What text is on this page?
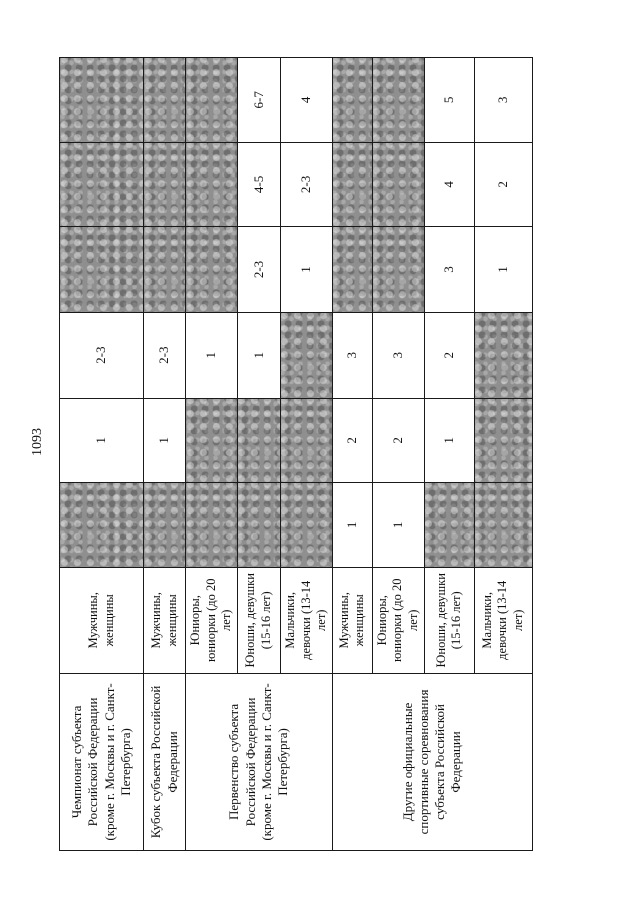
1093
Чемпионат субъекта Российской Федерации (кроме г. Москвы и г. Санкт-Петербурга)	Мужчины, женщины		1	2-3			
Кубок субъекта Российской Федерации	Мужчины, женщины		1	2-3			
Первенство субъекта Российской Федерации (кроме г. Москвы и г. Санкт-Петербурга)	Юниоры, юниорки (до 20 лет)			1			
	Юноши, девушки (15-16 лет)			1	2-3	4-5	6-7
	Мальчики, девочки (13-14 лет)				1	2-3	4
Другие официальные спортивные соревнования субъекта Российской Федерации	Мужчины, женщины	1	2	3			
	Юниоры, юниорки (до 20 лет)	1	2	3			
	Юноши, девушки (15-16 лет)		1	2	3	4	5
	Мальчики, девочки (13-14 лет)				1	2	3
